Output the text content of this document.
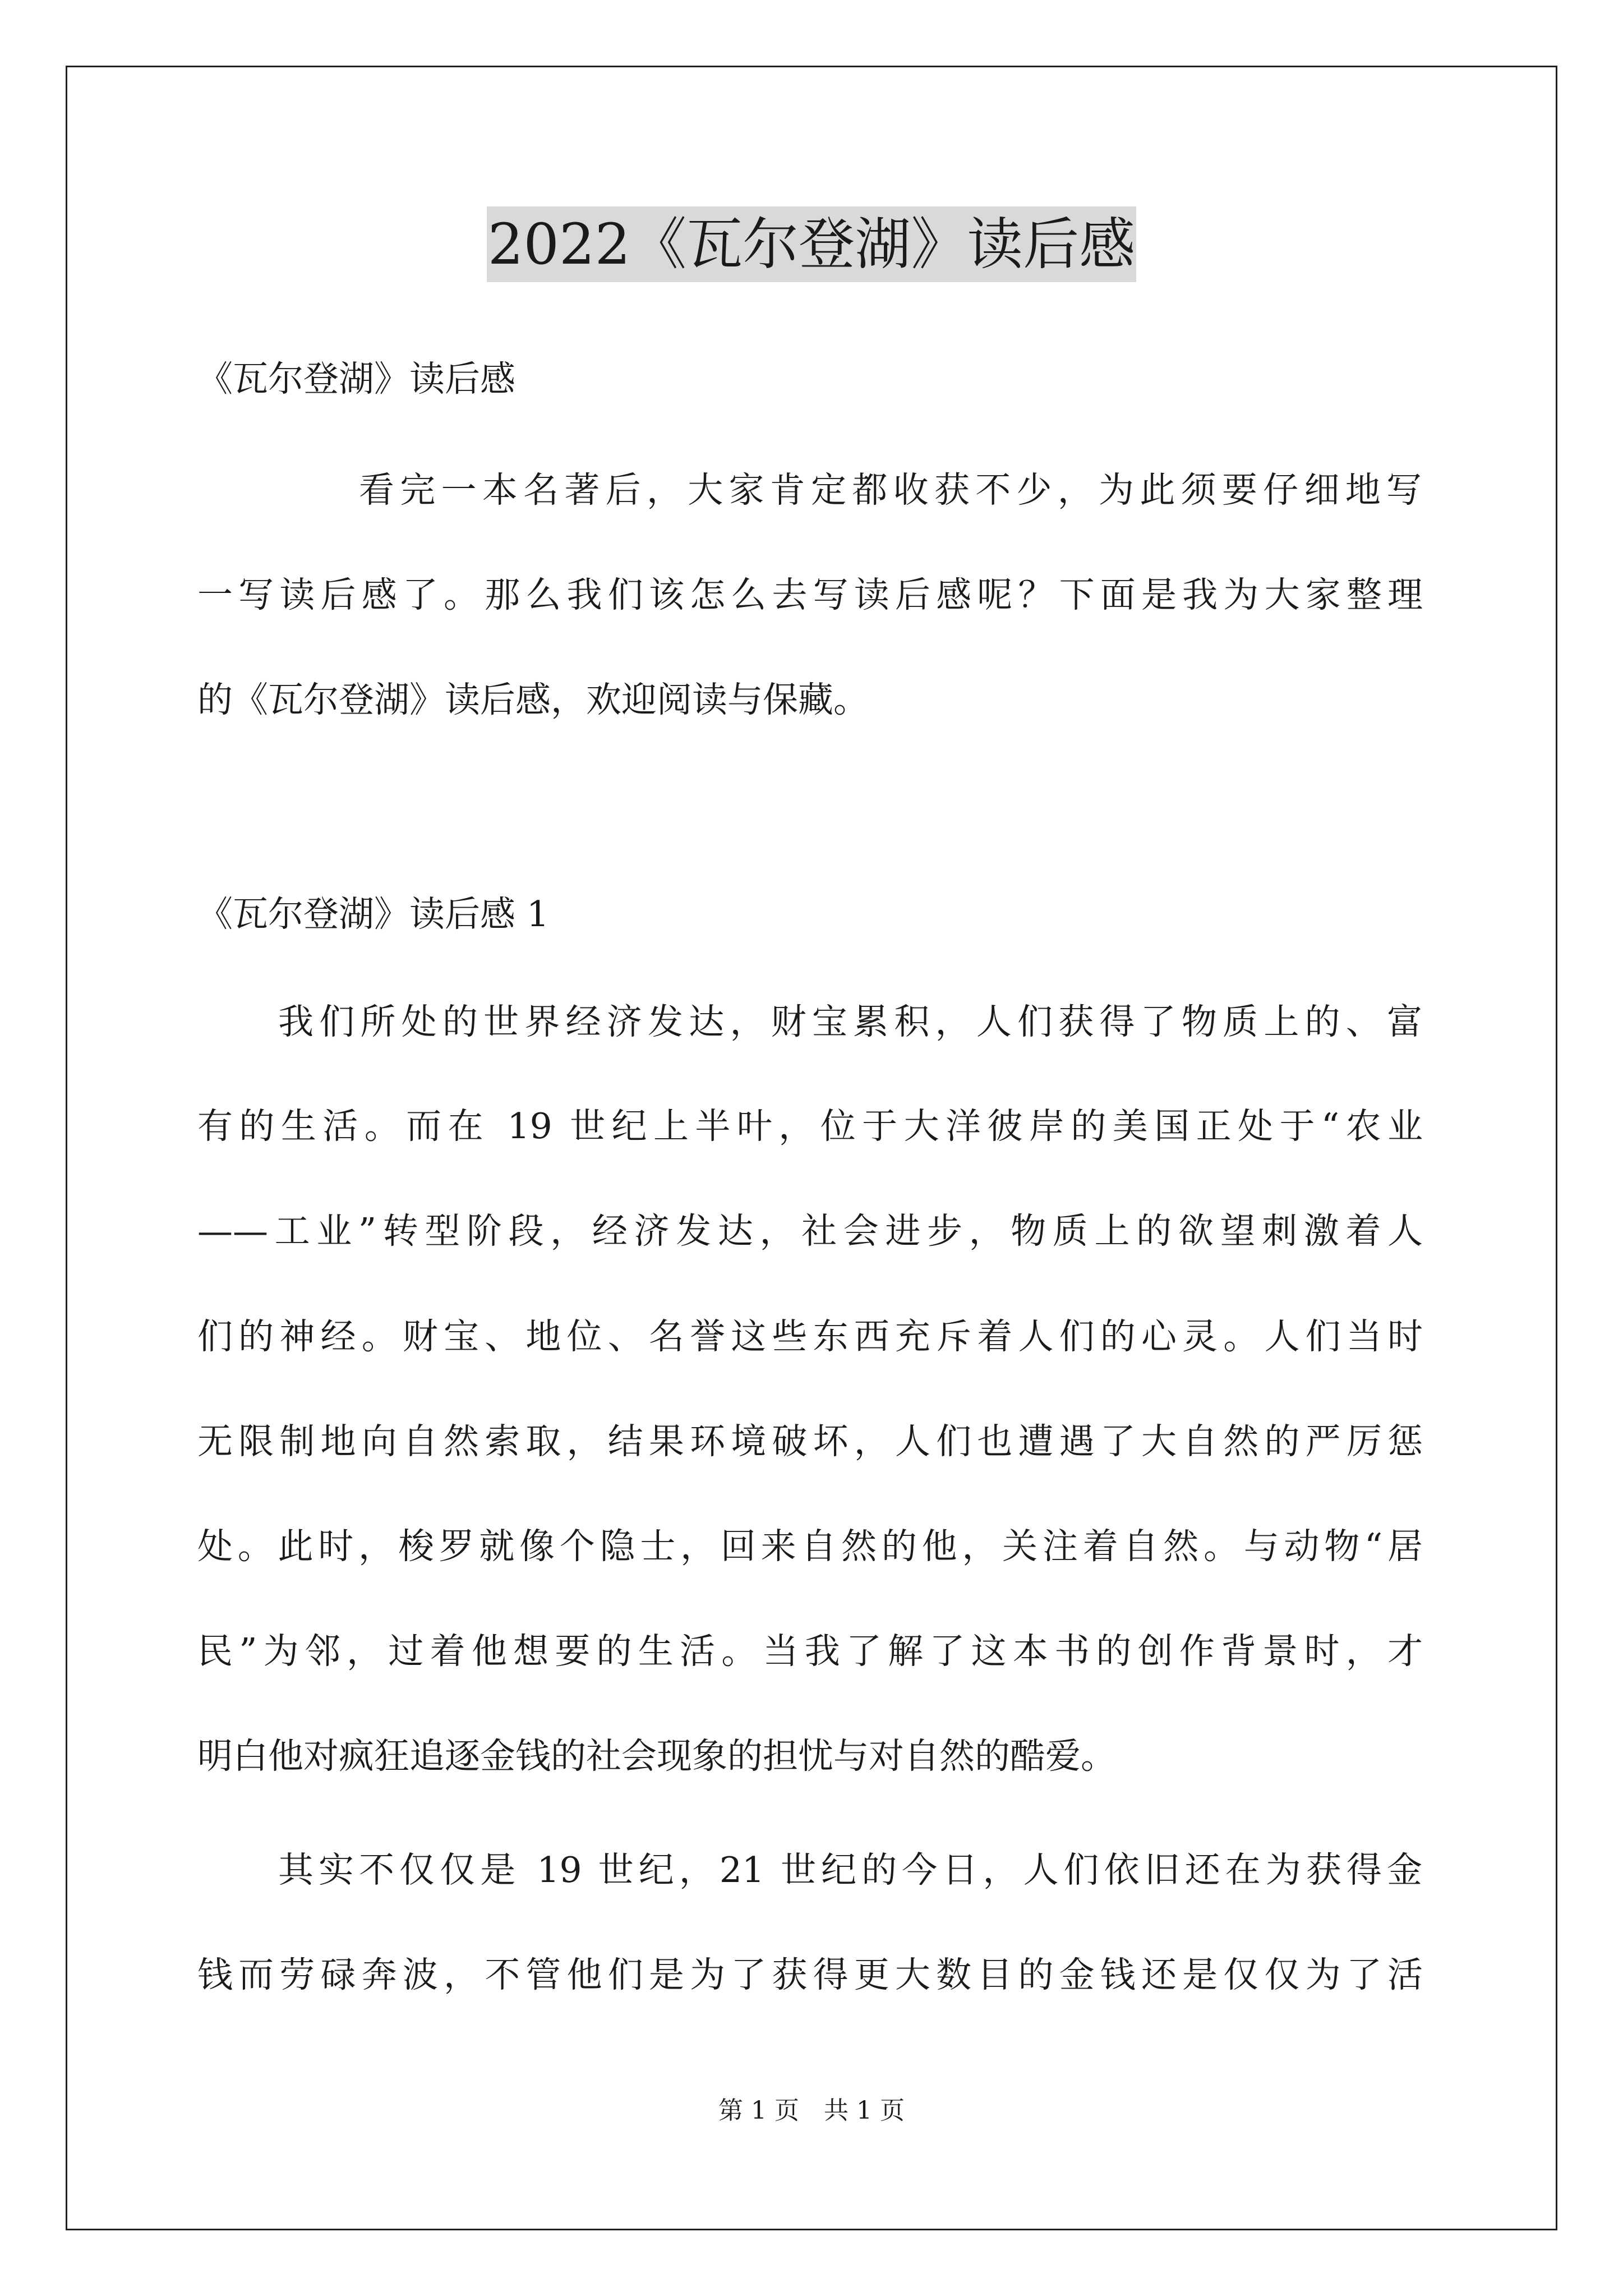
2022《瓦尔登湖》读后感
《瓦尔登湖》读后感
看完一本名著后，大家肯定都收获不少，为此须要仔细地写
一写读后感了。那么我们该怎么去写读后感呢？下面是我为大家整理
的《瓦尔登湖》读后感，欢迎阅读与保藏。
《瓦尔登湖》读后感 1
我们所处的世界经济发达，财宝累积，人们获得了物质上的、富
有的生活。而在 19 世纪上半叶，位于大洋彼岸的美国正处于“农业
——工业”转型阶段，经济发达，社会进步，物质上的欲望刺激着人
们的神经。财宝、地位、名誉这些东西充斥着人们的心灵。人们当时
无限制地向自然索取，结果环境破坏，人们也遭遇了大自然的严厉惩
处。此时，梭罗就像个隐士，回来自然的他，关注着自然。与动物“居
民”为邻，过着他想要的生活。当我了解了这本书的创作背景时，才
明白他对疯狂追逐金钱的社会现象的担忧与对自然的酷爱。
其实不仅仅是 19 世纪，21 世纪的今日，人们依旧还在为获得金
钱而劳碌奔波，不管他们是为了获得更大数目的金钱还是仅仅为了活
第 1 页　共 1 页
